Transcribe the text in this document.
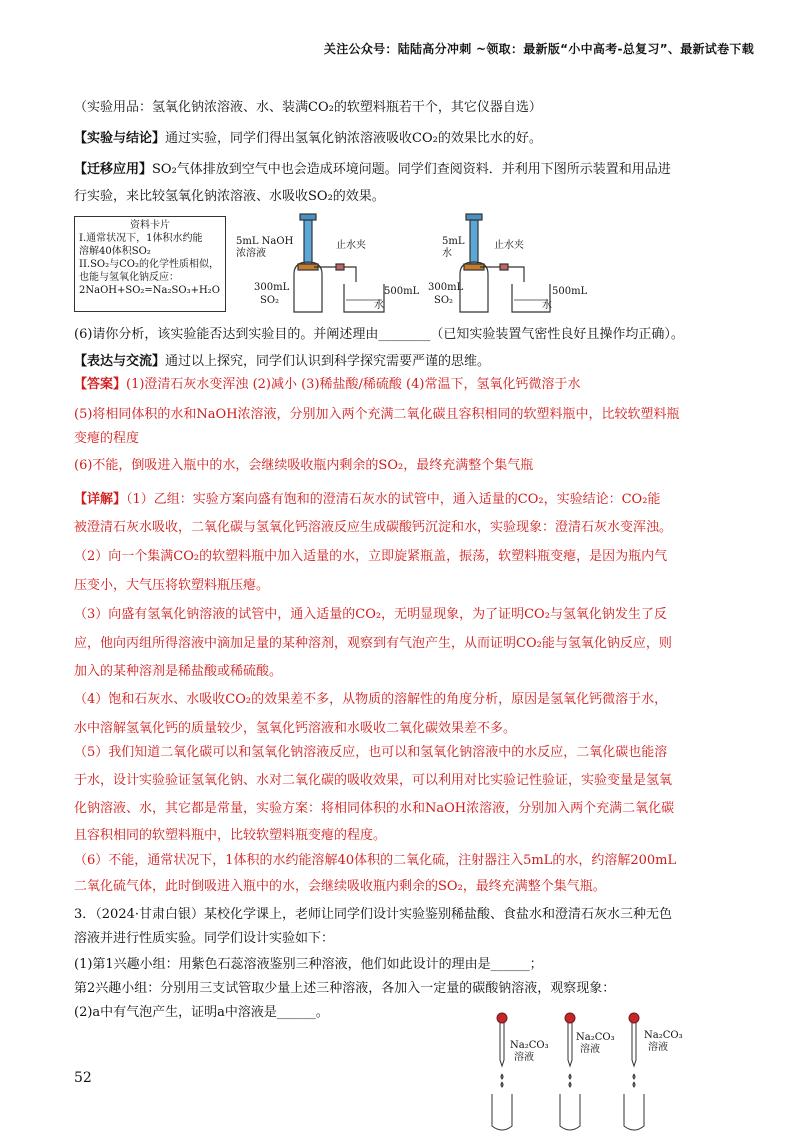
关注公众号：陆陆高分冲刺 ~领取：最新版“小中高考-总复习”、最新试卷下载
（实验用品：氢氧化钠浓溶液、水、装满CO₂的软塑料瓶若干个，其它仪器自选）
【实验与结论】通过实验，同学们得出氢氧化钠浓溶液吸收CO₂的效果比水的好。
【迁移应用】SO₂气体排放到空气中也会造成环境问题。同学们查阅资料．并利用下图所示装置和用品进
行实验，来比较氢氧化钠浓溶液、水吸收SO₂的效果。
资料卡片
I.通常状况下，1体积水约能
溶解40体积SO₂
II.SO₂与CO₂的化学性质相似，
也能与氢氧化钠反应：
2NaOH+SO₂=Na₂SO₃+H₂O
5mL NaOH
浓溶液
止水夹
300mL
SO₂
500mL
水
5mL
水
止水夹
300mL
SO₂
500mL
水
(6)请你分析，该实验能否达到实验目的。并阐述理由________（已知实验装置气密性良好且操作均正确）。
【表达与交流】通过以上探究，同学们认识到科学探究需要严谨的思维。
【答案】(1)澄清石灰水变浑浊 (2)减小 (3)稀盐酸/稀硫酸 (4)常温下，氢氧化钙微溶于水
(5)将相同体积的水和NaOH浓溶液，分别加入两个充满二氧化碳且容积相同的软塑料瓶中，比较软塑料瓶
变瘪的程度
(6)不能，倒吸进入瓶中的水，会继续吸收瓶内剩余的SO₂，最终充满整个集气瓶
【详解】（1）乙组：实验方案向盛有饱和的澄清石灰水的试管中，通入适量的CO₂，实验结论：CO₂能
被澄清石灰水吸收，二氧化碳与氢氧化钙溶液反应生成碳酸钙沉淀和水，实验现象：澄清石灰水变浑浊。
（2）向一个集满CO₂的软塑料瓶中加入适量的水，立即旋紧瓶盖，振荡，软塑料瓶变瘪，是因为瓶内气
压变小，大气压将软塑料瓶压瘪。
（3）向盛有氢氧化钠溶液的试管中，通入适量的CO₂，无明显现象，为了证明CO₂与氢氧化钠发生了反
应，他向丙组所得溶液中滴加足量的某种溶剂，观察到有气泡产生，从而证明CO₂能与氢氧化钠反应，则
加入的某种溶剂是稀盐酸或稀硫酸。
（4）饱和石灰水、水吸收CO₂的效果差不多，从物质的溶解性的角度分析，原因是氢氧化钙微溶于水，
水中溶解氢氧化钙的质量较少，氢氧化钙溶液和水吸收二氧化碳效果差不多。
（5）我们知道二氧化碳可以和氢氧化钠溶液反应，也可以和氢氧化钠溶液中的水反应，二氧化碳也能溶
于水，设计实验验证氢氧化钠、水对二氧化碳的吸收效果，可以利用对比实验记性验证，实验变量是氢氧
化钠溶液、水，其它都是常量，实验方案：将相同体积的水和NaOH浓溶液，分别加入两个充满二氧化碳
且容积相同的软塑料瓶中，比较软塑料瓶变瘪的程度。
（6）不能，通常状况下，1体积的水约能溶解40体积的二氧化硫，注射器注入5mL的水，约溶解200mL
二氧化硫气体，此时倒吸进入瓶中的水，会继续吸收瓶内剩余的SO₂，最终充满整个集气瓶。
3．（2024·甘肃白银）某校化学课上，老师让同学们设计实验鉴别稀盐酸、食盐水和澄清石灰水三种无色
溶液并进行性质实验。同学们设计实验如下：
(1)第1兴趣小组：用紫色石蕊溶液鉴别三种溶液，他们如此设计的理由是______；
第2兴趣小组：分别用三支试管取少量上述三种溶液，各加入一定量的碳酸钠溶液，观察现象：
(2)a中有气泡产生，证明a中溶液是______。
Na₂CO₃
溶液
Na₂CO₃
溶液
Na₂CO₃
溶液
52
